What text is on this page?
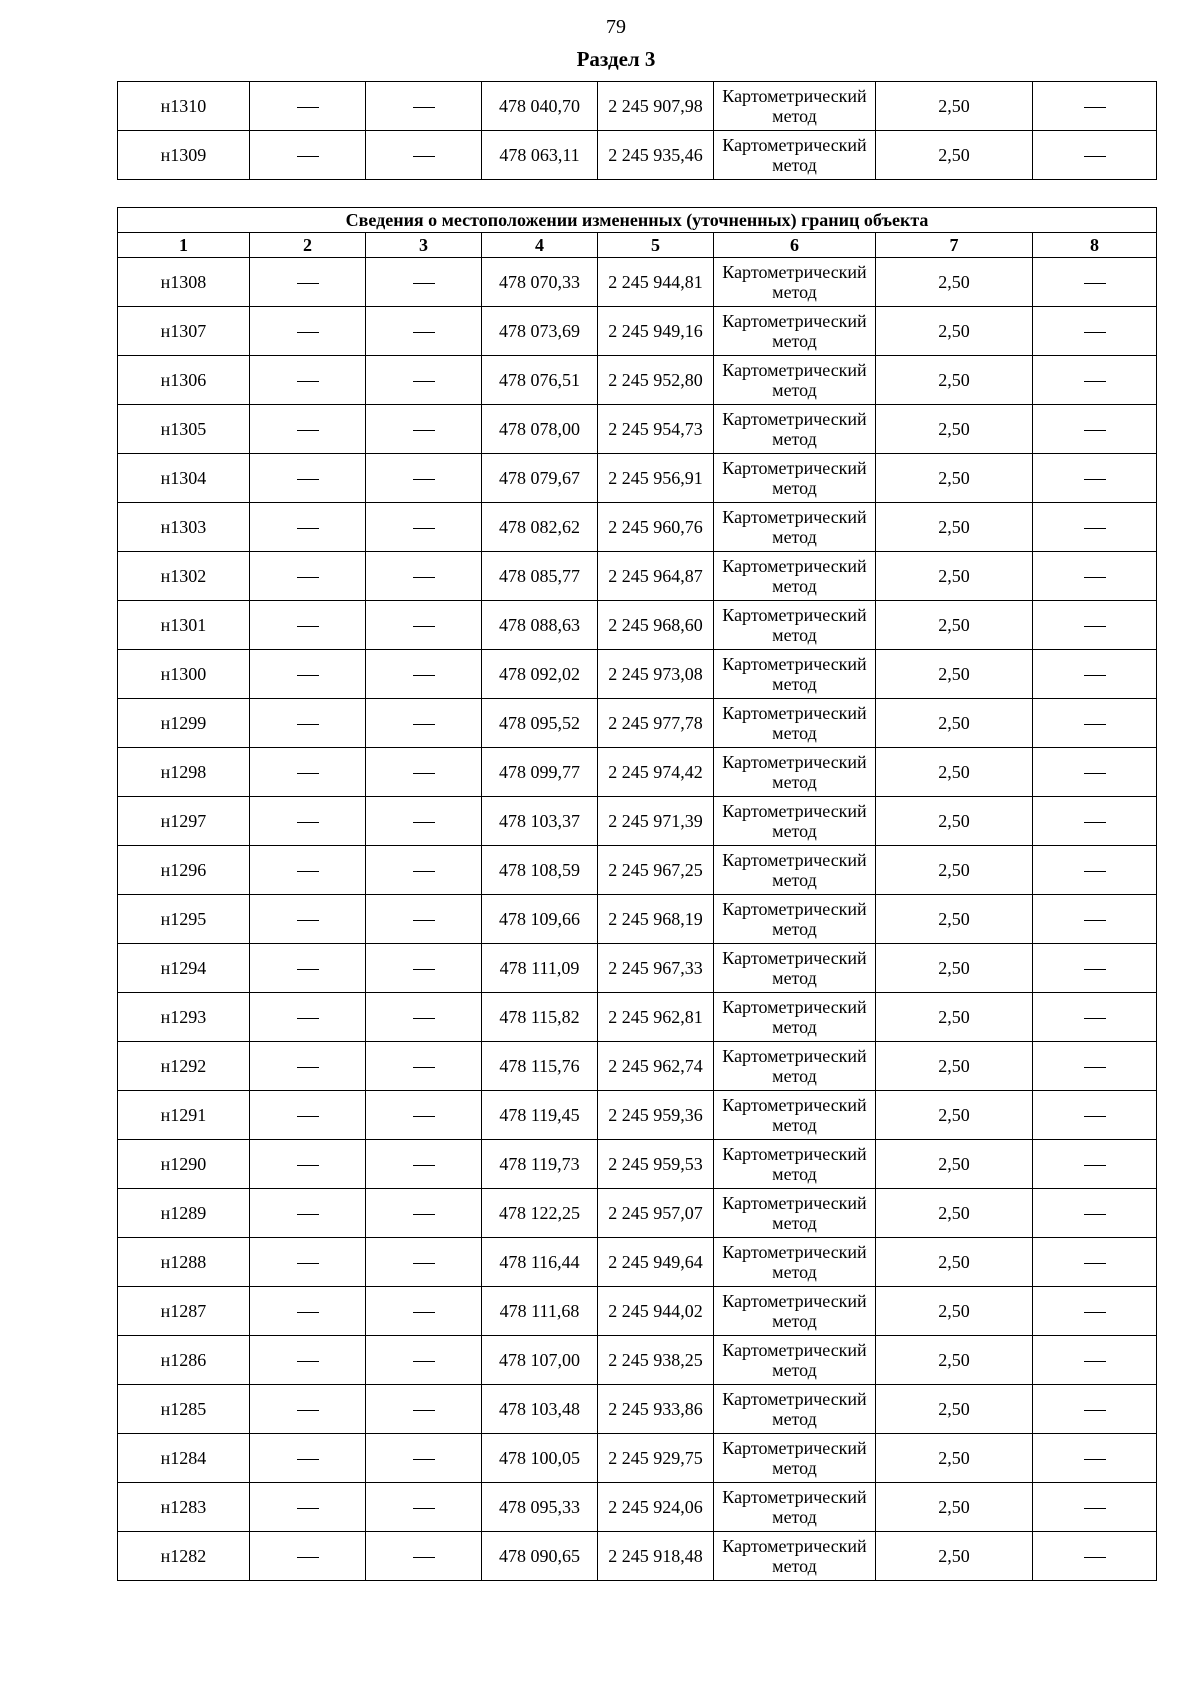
79
Раздел 3
н1310			478 040,70	2 245 907,98	Картометрический метод	2,50	
н1309			478 063,11	2 245 935,46	Картометрический метод	2,50	
Сведения о местоположении измененных (уточненных) границ объекта							
1	2	3	4	5	6	7	8
н1308			478 070,33	2 245 944,81	Картометрический метод	2,50	
н1307			478 073,69	2 245 949,16	Картометрический метод	2,50	
н1306			478 076,51	2 245 952,80	Картометрический метод	2,50	
н1305			478 078,00	2 245 954,73	Картометрический метод	2,50	
н1304			478 079,67	2 245 956,91	Картометрический метод	2,50	
н1303			478 082,62	2 245 960,76	Картометрический метод	2,50	
н1302			478 085,77	2 245 964,87	Картометрический метод	2,50	
н1301			478 088,63	2 245 968,60	Картометрический метод	2,50	
н1300			478 092,02	2 245 973,08	Картометрический метод	2,50	
н1299			478 095,52	2 245 977,78	Картометрический метод	2,50	
н1298			478 099,77	2 245 974,42	Картометрический метод	2,50	
н1297			478 103,37	2 245 971,39	Картометрический метод	2,50	
н1296			478 108,59	2 245 967,25	Картометрический метод	2,50	
н1295			478 109,66	2 245 968,19	Картометрический метод	2,50	
н1294			478 111,09	2 245 967,33	Картометрический метод	2,50	
н1293			478 115,82	2 245 962,81	Картометрический метод	2,50	
н1292			478 115,76	2 245 962,74	Картометрический метод	2,50	
н1291			478 119,45	2 245 959,36	Картометрический метод	2,50	
н1290			478 119,73	2 245 959,53	Картометрический метод	2,50	
н1289			478 122,25	2 245 957,07	Картометрический метод	2,50	
н1288			478 116,44	2 245 949,64	Картометрический метод	2,50	
н1287			478 111,68	2 245 944,02	Картометрический метод	2,50	
н1286			478 107,00	2 245 938,25	Картометрический метод	2,50	
н1285			478 103,48	2 245 933,86	Картометрический метод	2,50	
н1284			478 100,05	2 245 929,75	Картометрический метод	2,50	
н1283			478 095,33	2 245 924,06	Картометрический метод	2,50	
н1282			478 090,65	2 245 918,48	Картометрический метод	2,50	
